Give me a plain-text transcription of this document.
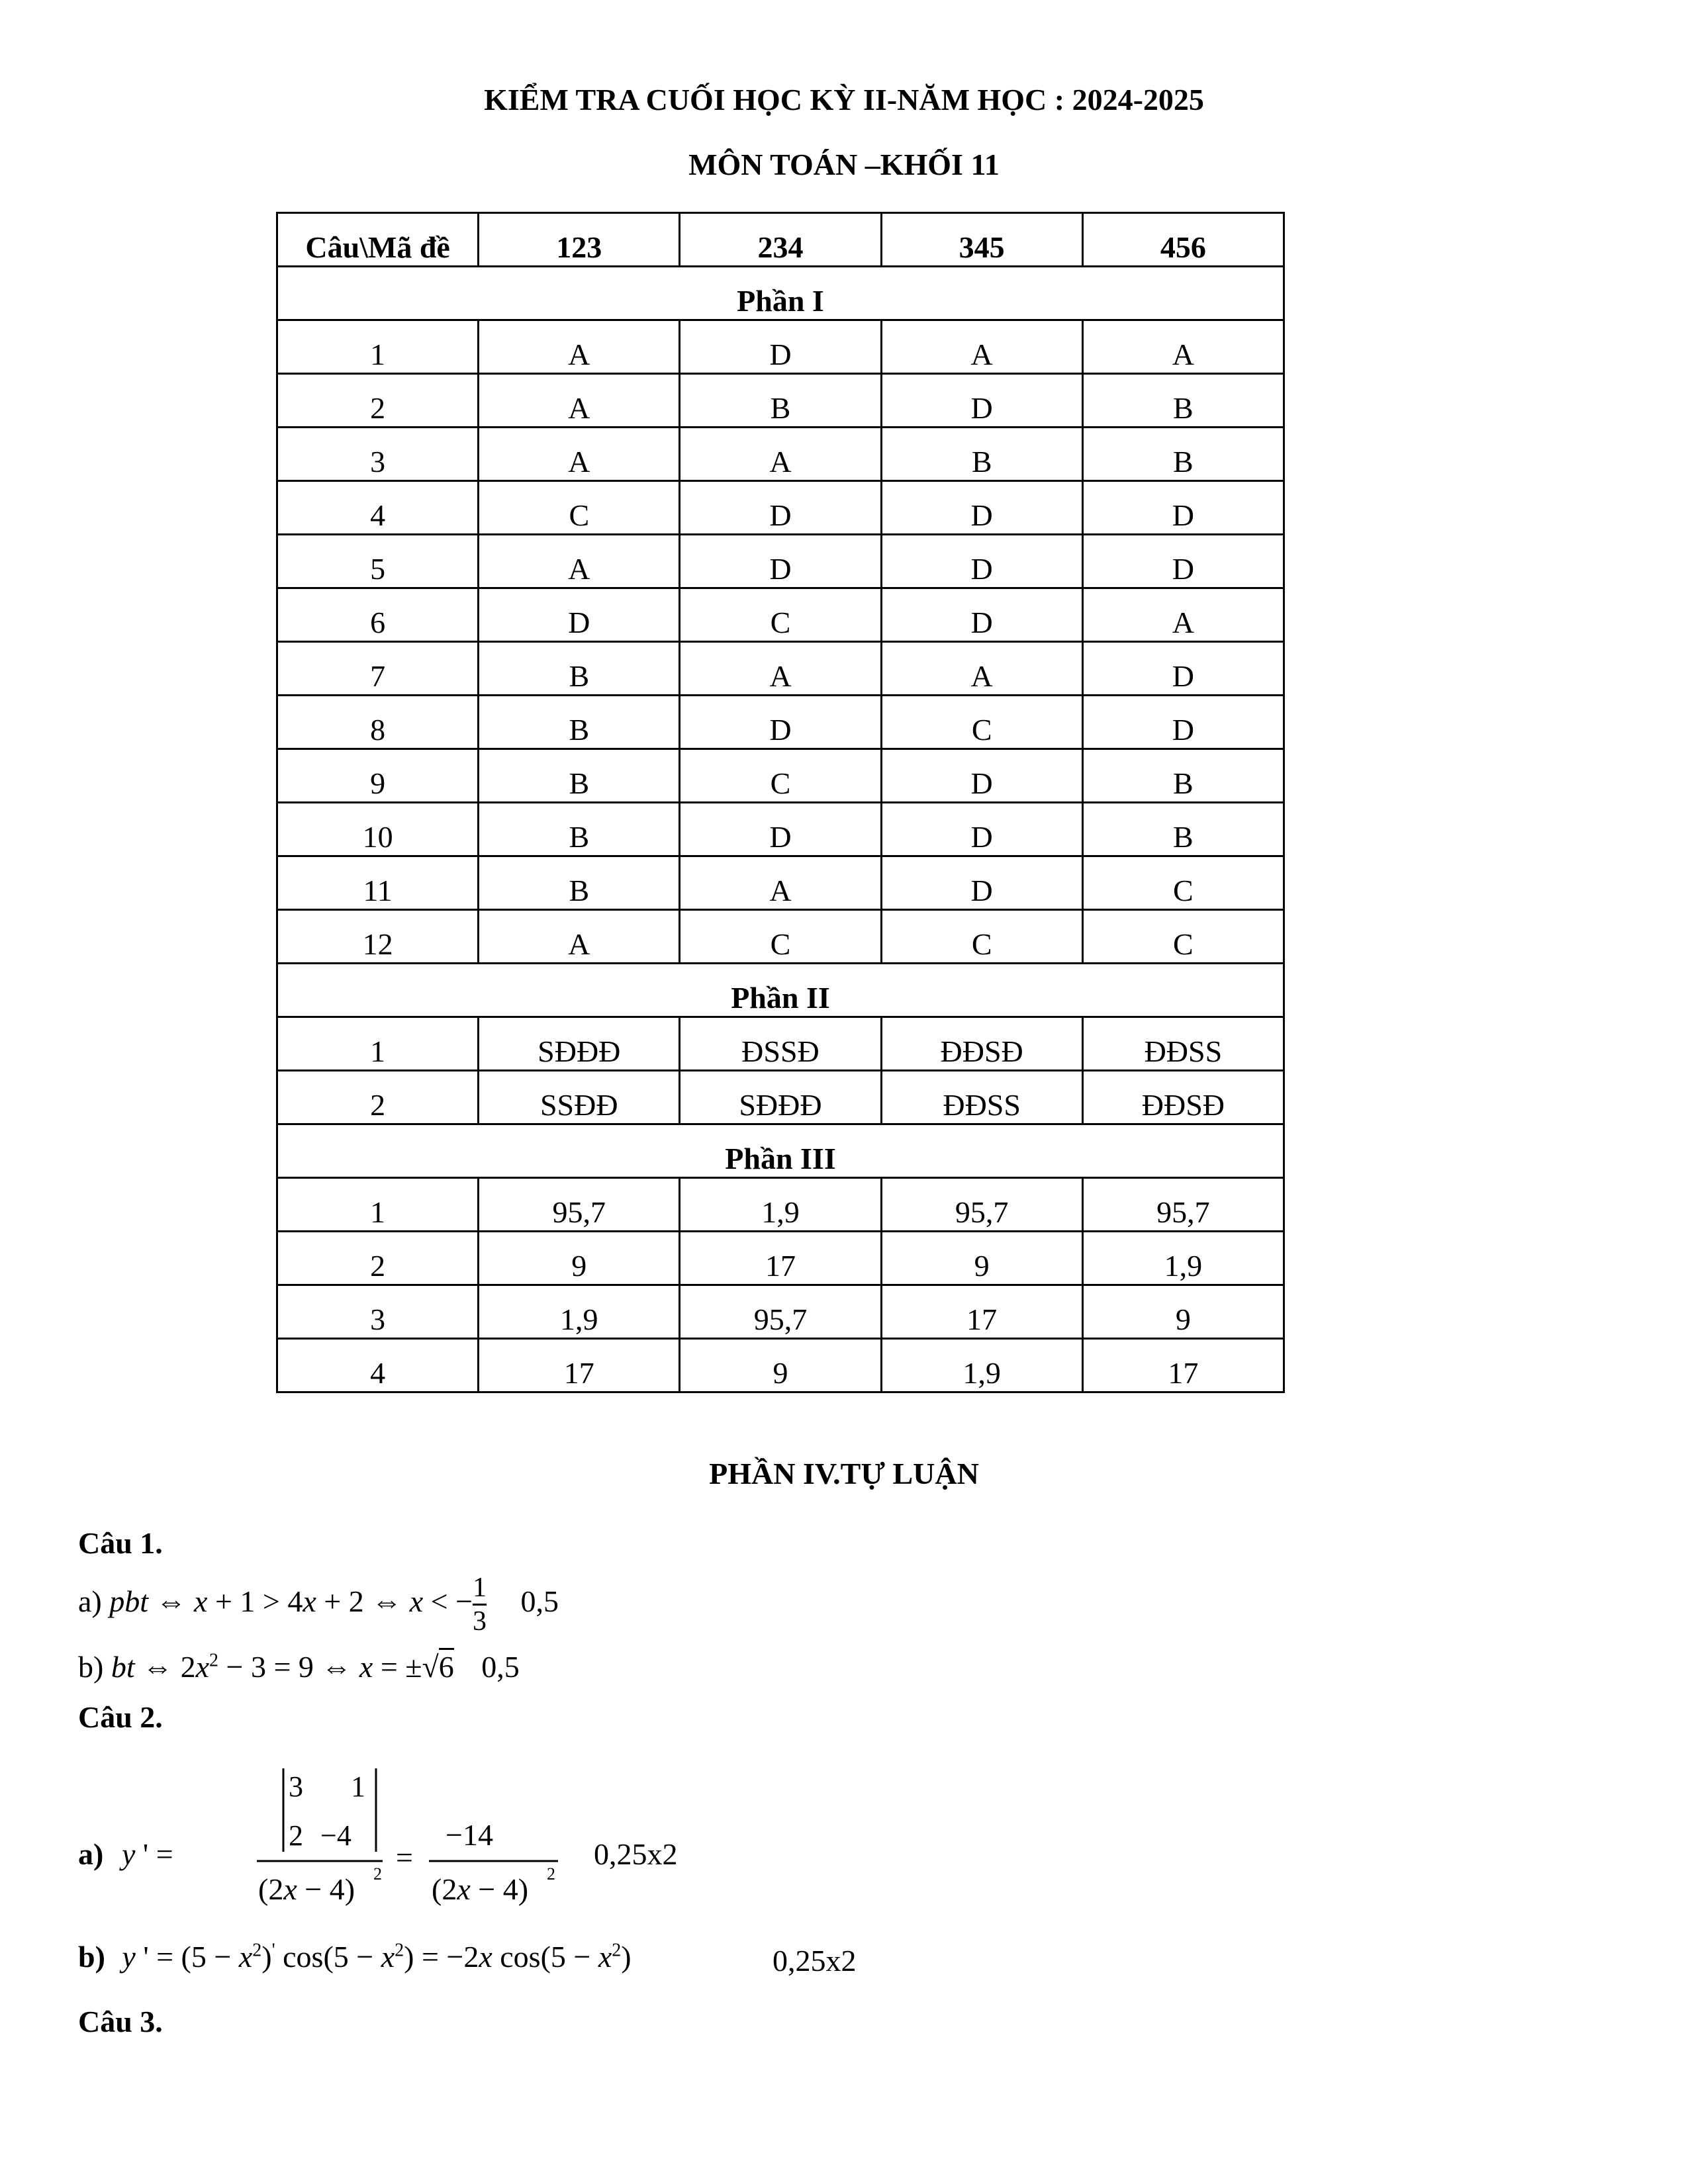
KIỂM TRA CUỐI HỌC KỲ II-NĂM HỌC : 2024-2025
MÔN TOÁN –KHỐI 11
Câu\Mã đề	123	234	345	456
Phần I				
1	A	D	A	A
2	A	B	D	B
3	A	A	B	B
4	C	D	D	D
5	A	D	D	D
6	D	C	D	A
7	B	A	A	D
8	B	D	C	D
9	B	C	D	B
10	B	D	D	B
11	B	A	D	C
12	A	C	C	C
Phần II				
1	SĐĐĐ	ĐSSĐ	ĐĐSĐ	ĐĐSS
2	SSĐĐ	SĐĐĐ	ĐĐSS	ĐĐSĐ
Phần III				
1	95,7	1,9	95,7	95,7
2	9	17	9	1,9
3	1,9	95,7	17	9
4	17	9	1,9	17
PHẦN IV.TỰ LUẬN
Câu 1.
a) pbt ⇔ x + 1 > 4x + 2 ⇔ x < − $\frac{1}{3} 0,5$
b) bt ⇔ $2x^2 - 3 = 9$ ⇔ x = ±√6 0,5
Câu 2.
a) y ' =
3 1
2 −4
(2x − 4) 2 =
−14
(2x − 4) 2
0,25x2
b) y ' = $(5 - x^2)'$ $\cos(5 - x^2) = -2x$ $\cos(5 - x^2)$	0,25x2
Câu 3.
